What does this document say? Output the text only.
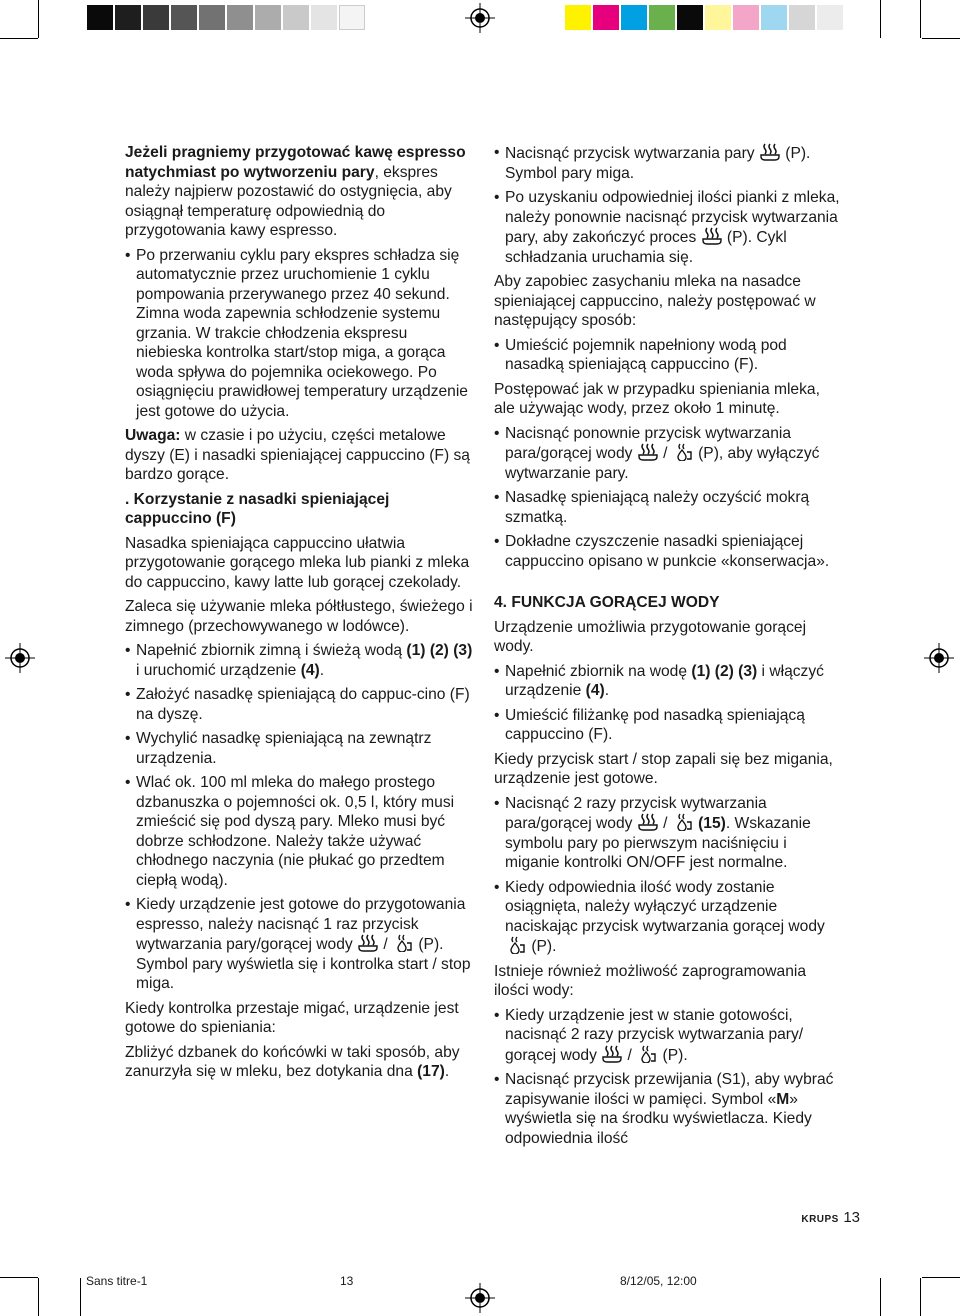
Jeżeli pragniemy przygotować kawę espresso natychmiast po wytworzeniu pary, ekspres należy najpierw pozostawić do ostygnięcia, aby osiągnął temperaturę odpowiednią do przygotowania kawy espresso.

• Po przerwaniu cyklu pary ekspres schładza się automatycznie przez uruchomienie 1 cyklu pompowania przerywanego przez 40 sekund. Zimna woda zapewnia schłodzenie systemu grzania. W trakcie chłodzenia ekspresu niebieska kontrolka start/stop miga, a gorąca woda spływa do pojemnika ociekowego. Po osiągnięciu prawidłowej temperatury urządzenie jest gotowe do użycia.

Uwaga: w czasie i po użyciu, części metalowe dyszy (E) i nasadki spieniającej cappuccino (F) są bardzo gorące.

. Korzystanie z nasadki spieniającej cappuccino (F)

Nasadka spieniająca cappuccino ułatwia przygotowanie gorącego mleka lub pianki z mleka do cappuccino, kawy latte lub gorącej czekolady.

Zaleca się używanie mleka półtłustego, świeżego i zimnego (przechowywanego w lodówce).

• Napełnić zbiornik zimną i świeżą wodą (1) (2) (3) i uruchomić urządzenie (4).
• Założyć nasadkę spieniającą do cappuc-cino (F) na dyszę.
• Wychylić nasadkę spieniającą na zewnątrz urządzenia.
• Wlać ok. 100 ml mleka do małego prostego dzbanuszka o pojemności ok. 0,5 l, który musi zmieścić się pod dyszą pary. Mleko musi być dobrze schłodzone. Należy także używać chłodnego naczynia (nie płukać go przedtem ciepłą wodą).
• Kiedy urządzenie jest gotowe do przygotowania espresso, należy nacisnąć 1 raz przycisk wytwarzania pary/gorącej wody  /  (P). Symbol pary wyświetla się i kontrolka start / stop miga.

Kiedy kontrolka przestaje migać, urządzenie jest gotowe do spieniania:

Zbliżyć dzbanek do końcówki w taki sposób, aby zanurzyła się w mleku, bez dotykania dna (17).

• Nacisnąć przycisk wytwarzania pary  (P). Symbol pary miga.
• Po uzyskaniu odpowiedniej ilości pianki z mleka, należy ponownie nacisnąć przycisk wytwarzania pary, aby zakończyć proces  (P). Cykl schładzania uruchamia się.

Aby zapobiec zasychaniu mleka na nasadce spieniającej cappuccino, należy postępować w następujący sposób:

• Umieścić pojemnik napełniony wodą pod nasadką spieniającą cappuccino (F).

Postępować jak w przypadku spieniania mleka, ale używając wody, przez około 1 minutę.

• Nacisnąć ponownie przycisk wytwarzania para/gorącej wody  /  (P), aby wyłączyć wytwarzanie pary.
• Nasadkę spieniającą należy oczyścić mokrą szmatką.
• Dokładne czyszczenie nasadki spieniającej cappuccino opisano w punkcie «konserwacja».
4. FUNKCJA GORĄCEJ WODY

Urządzenie umożliwia przygotowanie gorącej wody.

• Napełnić zbiornik na wodę (1) (2) (3) i włączyć urządzenie (4).
• Umieścić filiżankę pod nasadką spieniającą cappuccino (F).

Kiedy przycisk start / stop zapali się bez migania, urządzenie jest gotowe.

• Nacisnąć 2 razy przycisk wytwarzania para/gorącej wody  /  (15). Wskazanie symbolu pary po pierwszym naciśnięciu i miganie kontrolki ON/OFF jest normalne.
• Kiedy odpowiednia ilość wody zostanie osiągnięta, należy wyłączyć urządzenie naciskając przycisk wytwarzania gorącej wody  (P).

Istnieje również możliwość zaprogramowania ilości wody:

• Kiedy urządzenie jest w stanie gotowości, nacisnąć 2 razy przycisk wytwarzania pary/ gorącej wody  /  (P).
• Nacisnąć przycisk przewijania (S1), aby wybrać zapisywanie ilości w pamięci. Symbol «M» wyświetla się na środku wyświetlacza. Kiedy odpowiednia ilość
KRUPS 13
Sans titre-1	13	8/12/05, 12:00
